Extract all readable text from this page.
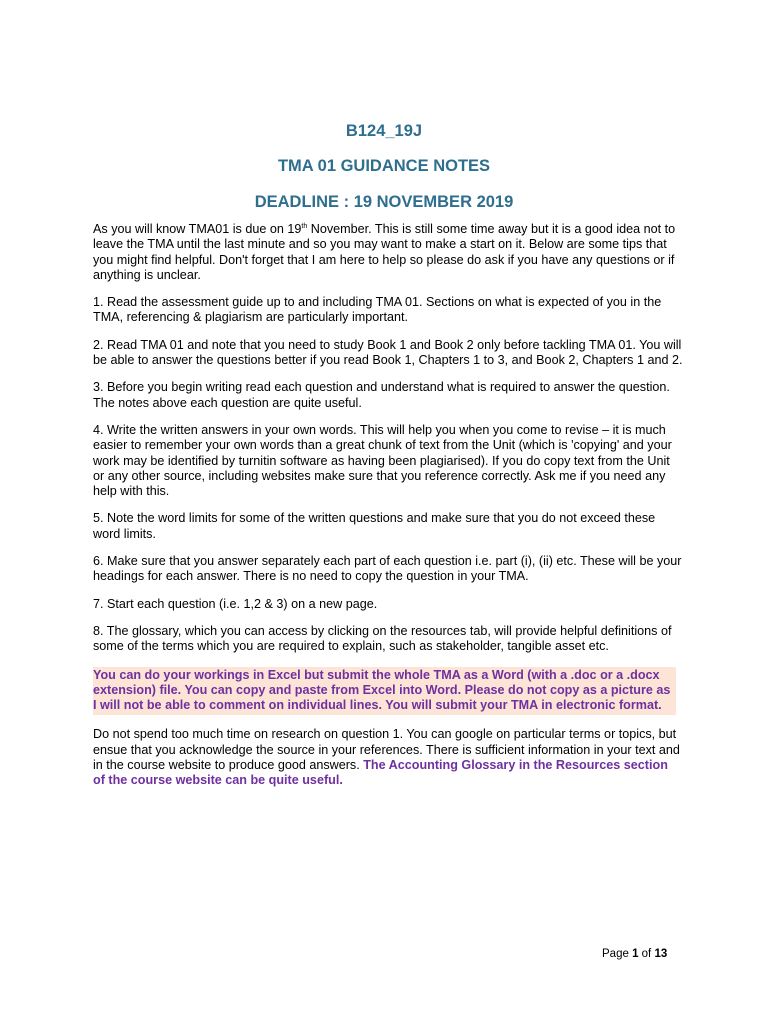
B124_19J
TMA 01 GUIDANCE NOTES
DEADLINE : 19 NOVEMBER 2019

As you will know TMA01 is due on 19th November. This is still some time away but it is a good idea not to leave the TMA until the last minute and so you may want to make a start on it. Below are some tips that you might find helpful. Don't forget that I am here to help so please do ask if you have any questions or if anything is unclear.

1. Read the assessment guide up to and including TMA 01. Sections on what is expected of you in the TMA, referencing & plagiarism are particularly important.

2. Read TMA 01 and note that you need to study Book 1 and Book 2 only before tackling TMA 01. You will be able to answer the questions better if you read Book 1, Chapters 1 to 3, and Book 2, Chapters 1 and 2.

3. Before you begin writing read each question and understand what is required to answer the question. The notes above each question are quite useful.

4. Write the written answers in your own words. This will help you when you come to revise – it is much easier to remember your own words than a great chunk of text from the Unit (which is 'copying' and your work may be identified by turnitin software as having been plagiarised). If you do copy text from the Unit or any other source, including websites make sure that you reference correctly. Ask me if you need any help with this.

5. Note the word limits for some of the written questions and make sure that you do not exceed these word limits.

6. Make sure that you answer separately each part of each question i.e. part (i), (ii) etc. These will be your headings for each answer. There is no need to copy the question in your TMA.

7. Start each question (i.e. 1,2 & 3) on a new page.

8. The glossary, which you can access by clicking on the resources tab, will provide helpful definitions of some of the terms which you are required to explain, such as stakeholder, tangible asset etc.

You can do your workings in Excel but submit the whole TMA as a Word (with a .doc or a .docx extension) file. You can copy and paste from Excel into Word. Please do not copy as a picture as I will not be able to comment on individual lines. You will submit your TMA in electronic format.

Do not spend too much time on research on question 1. You can google on particular terms or topics, but ensue that you acknowledge the source in your references. There is sufficient information in your text and in the course website to produce good answers. The Accounting Glossary in the Resources section of the course website can be quite useful.

Page 1 of 13
